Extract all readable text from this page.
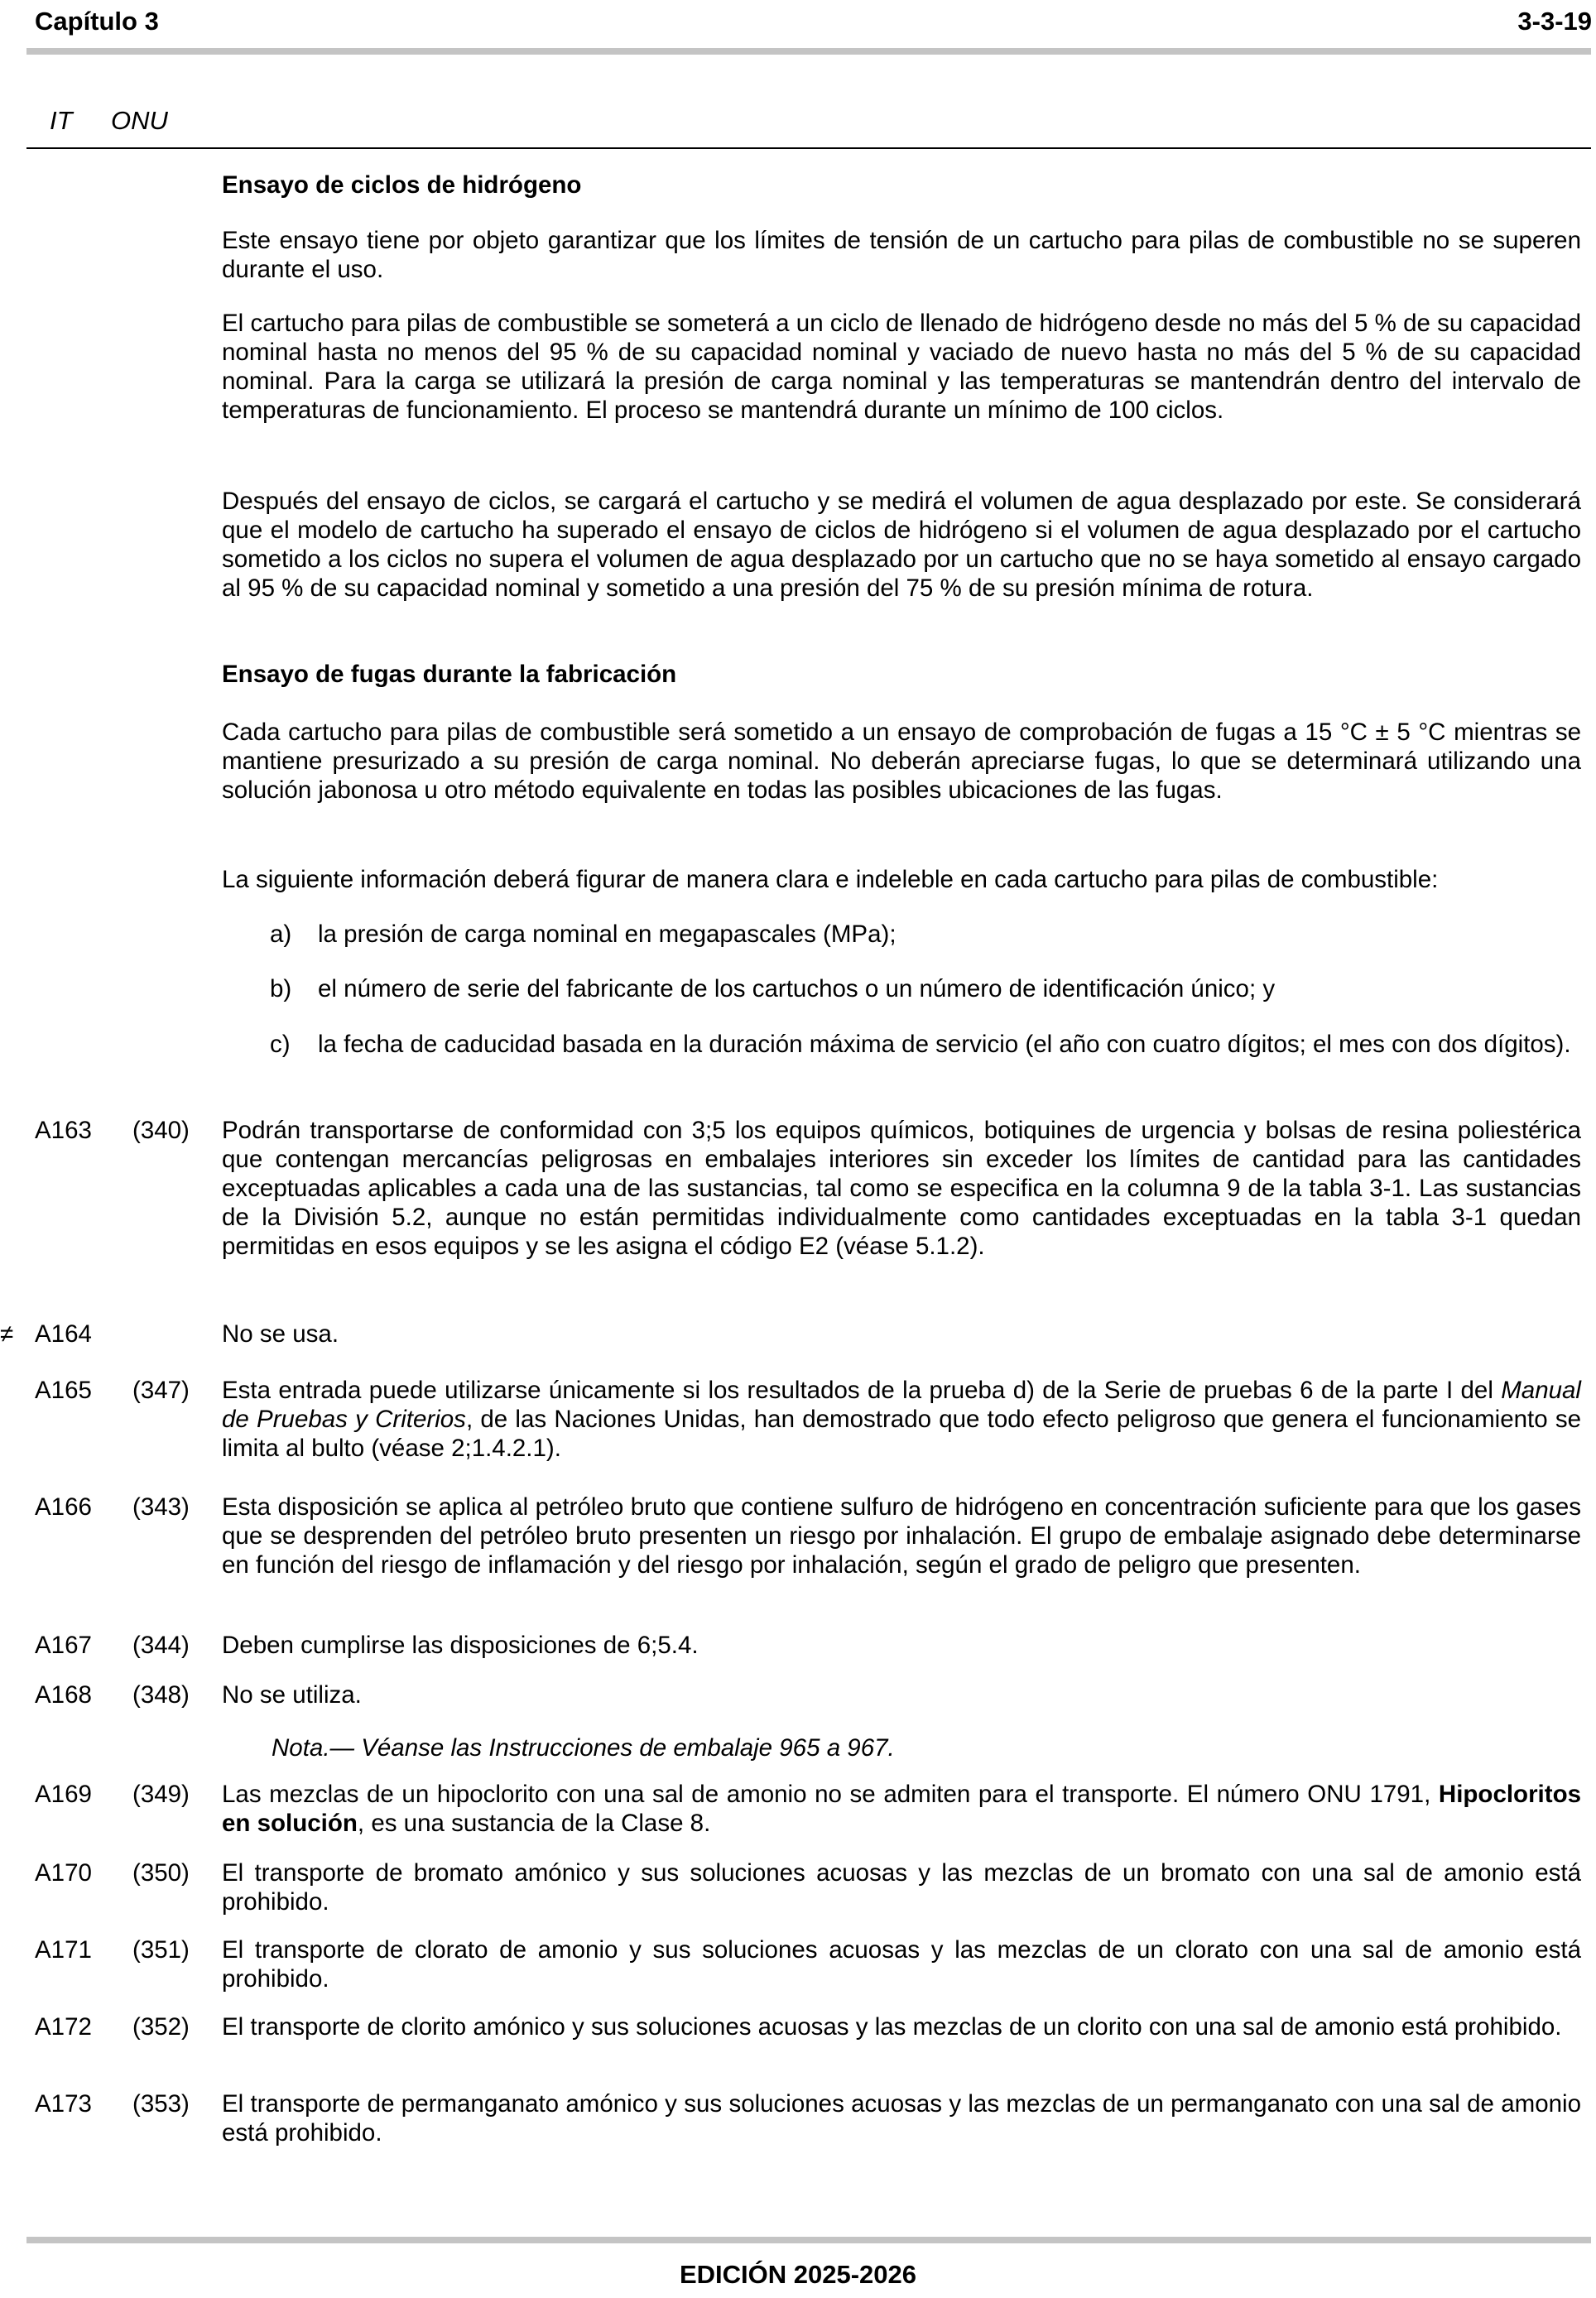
Capítulo 3	3-3-19
IT ONU
Ensayo de ciclos de hidrógeno
Este ensayo tiene por objeto garantizar que los límites de tensión de un cartucho para pilas de combustible no se superen durante el uso.
El cartucho para pilas de combustible se someterá a un ciclo de llenado de hidrógeno desde no más del 5 % de su capacidad nominal hasta no menos del 95 % de su capacidad nominal y vaciado de nuevo hasta no más del 5 % de su capacidad nominal. Para la carga se utilizará la presión de carga nominal y las temperaturas se mantendrán dentro del intervalo de temperaturas de funcionamiento. El proceso se mantendrá durante un mínimo de 100 ciclos.
Después del ensayo de ciclos, se cargará el cartucho y se medirá el volumen de agua desplazado por este. Se considerará que el modelo de cartucho ha superado el ensayo de ciclos de hidrógeno si el volumen de agua desplazado por el cartucho sometido a los ciclos no supera el volumen de agua desplazado por un cartucho que no se haya sometido al ensayo cargado al 95 % de su capacidad nominal y sometido a una presión del 75 % de su presión mínima de rotura.
Ensayo de fugas durante la fabricación
Cada cartucho para pilas de combustible será sometido a un ensayo de comprobación de fugas a 15 °C ± 5 °C mientras se mantiene presurizado a su presión de carga nominal. No deberán apreciarse fugas, lo que se determinará utilizando una solución jabonosa u otro método equivalente en todas las posibles ubicaciones de las fugas.
La siguiente información deberá figurar de manera clara e indeleble en cada cartucho para pilas de combustible:
a) la presión de carga nominal en megapascales (MPa);
b) el número de serie del fabricante de los cartuchos o un número de identificación único; y
c) la fecha de caducidad basada en la duración máxima de servicio (el año con cuatro dígitos; el mes con dos dígitos).
A163 (340) Podrán transportarse de conformidad con 3;5 los equipos químicos, botiquines de urgencia y bolsas de resina poliestérica que contengan mercancías peligrosas en embalajes interiores sin exceder los límites de cantidad para las cantidades exceptuadas aplicables a cada una de las sustancias, tal como se especifica en la columna 9 de la tabla 3-1. Las sustancias de la División 5.2, aunque no están permitidas individualmente como cantidades exceptuadas en la tabla 3-1 quedan permitidas en esos equipos y se les asigna el código E2 (véase 5.1.2).
≠ A164	No se usa.
A165 (347) Esta entrada puede utilizarse únicamente si los resultados de la prueba d) de la Serie de pruebas 6 de la parte I del Manual de Pruebas y Criterios, de las Naciones Unidas, han demostrado que todo efecto peligroso que genera el funcionamiento se limita al bulto (véase 2;1.4.2.1).
A166 (343) Esta disposición se aplica al petróleo bruto que contiene sulfuro de hidrógeno en concentración suficiente para que los gases que se desprenden del petróleo bruto presenten un riesgo por inhalación. El grupo de embalaje asignado debe determinarse en función del riesgo de inflamación y del riesgo por inhalación, según el grado de peligro que presenten.
A167 (344) Deben cumplirse las disposiciones de 6;5.4.
A168 (348) No se utiliza.
Nota.— Véanse las Instrucciones de embalaje 965 a 967.
A169 (349) Las mezclas de un hipoclorito con una sal de amonio no se admiten para el transporte. El número ONU 1791, Hipocloritos en solución, es una sustancia de la Clase 8.
A170 (350) El transporte de bromato amónico y sus soluciones acuosas y las mezclas de un bromato con una sal de amonio está prohibido.
A171 (351) El transporte de clorato de amonio y sus soluciones acuosas y las mezclas de un clorato con una sal de amonio está prohibido.
A172 (352) El transporte de clorito amónico y sus soluciones acuosas y las mezclas de un clorito con una sal de amonio está prohibido.
A173 (353) El transporte de permanganato amónico y sus soluciones acuosas y las mezclas de un permanganato con una sal de amonio está prohibido.
EDICIÓN 2025-2026
